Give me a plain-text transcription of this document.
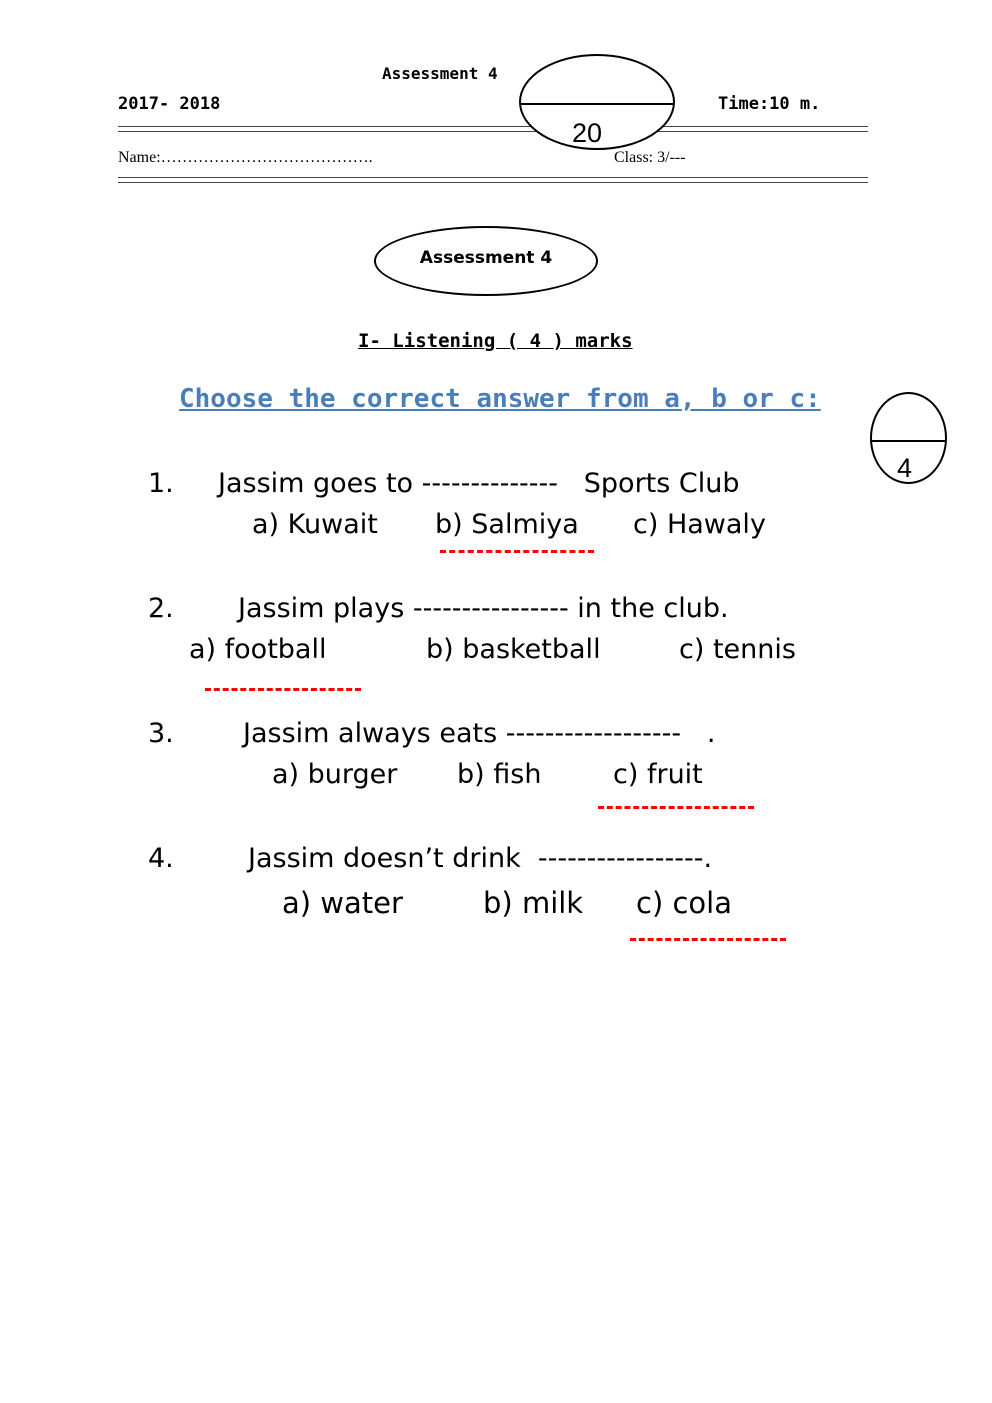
Assessment 4
2017- 2018	Time:10 m.
Name:………………………………….	Class: 3/---
20
Assessment 4
I- Listening ( 4 ) marks
Choose the correct answer from a, b or c:
4
1. Jassim goes to --------------   Sports Club
a) Kuwait b) Salmiya c) Hawaly
2. Jassim plays ---------------- in the club.
a) football	b) basketball	c) tennis
3.	Jassim always eats ------------------   .
a) burger b) fish	c) fruit
4.	Jassim doesn’t drink  -----------------.
a) water	b) milk c) cola
